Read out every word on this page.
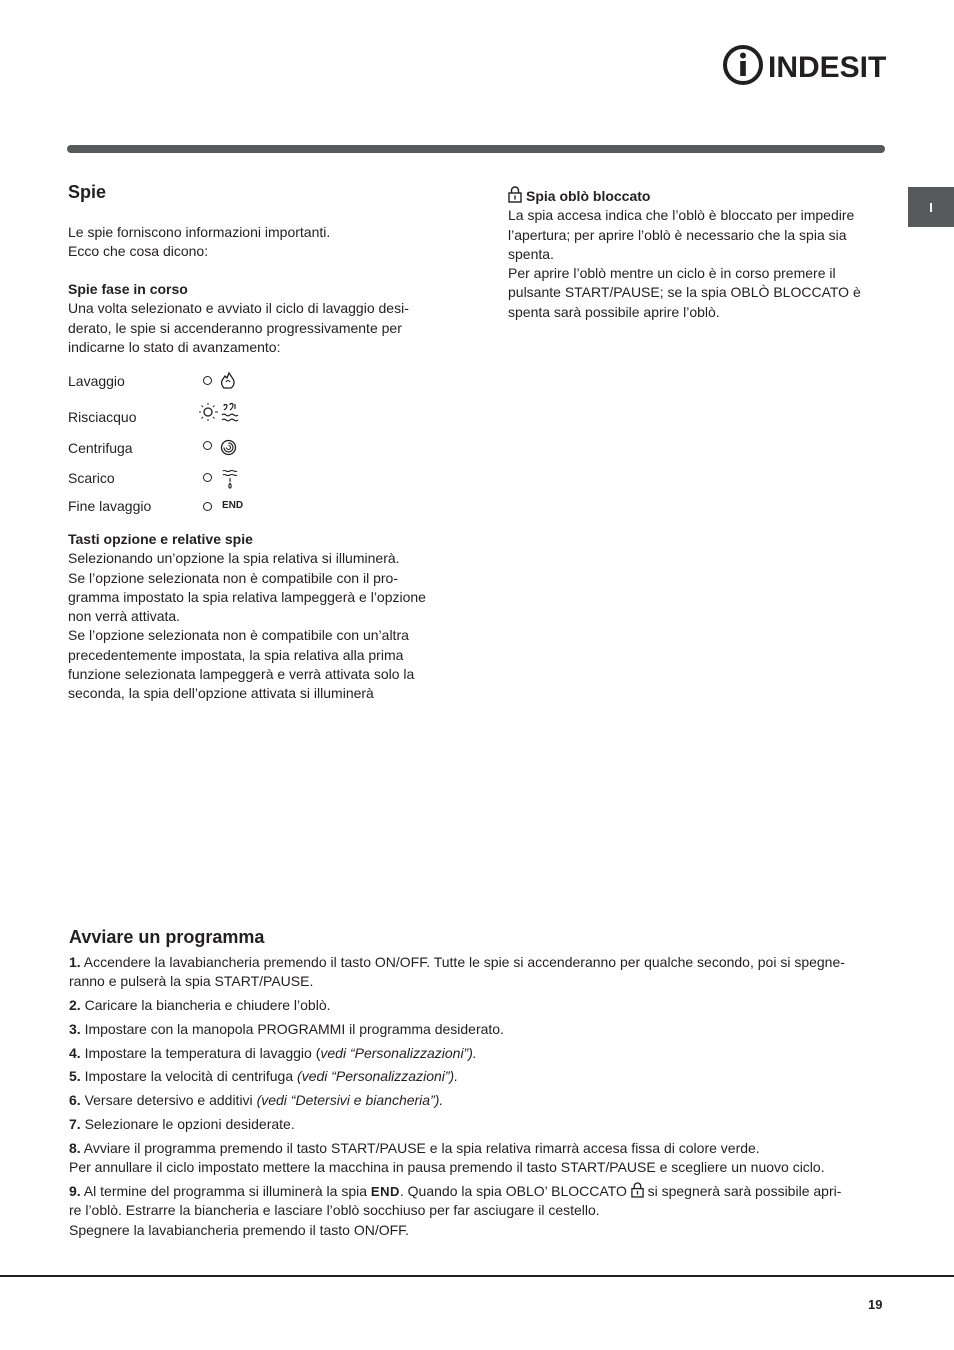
INDESIT
I
Spie
Le spie forniscono informazioni importanti.
Ecco che cosa dicono:
Spie fase in corso
Una volta selezionato e avviato il ciclo di lavaggio desi-
derato, le spie si accenderanno progressivamente per
indicarne lo stato di avanzamento:
Lavaggio
Risciacquo
Centrifuga
Scarico
Fine lavaggio	END
Tasti opzione e relative spie
Selezionando un’opzione la spia relativa si illuminerà.
Se l’opzione selezionata non è compatibile con il pro-
gramma impostato la spia relativa lampeggerà e l’opzione
non verrà attivata.
Se l’opzione selezionata non è compatibile con un’altra
precedentemente impostata, la spia relativa alla prima
funzione selezionata lampeggerà e verrà attivata solo la
seconda, la spia dell’opzione attivata si illuminerà
Spia oblò bloccato
La spia accesa indica che l’oblò è bloccato per impedire
l’apertura; per aprire l’oblò è necessario che la spia sia
spenta.
Per aprire l’oblò mentre un ciclo è in corso premere il
pulsante START/PAUSE; se la spia OBLÒ BLOCCATO è
spenta sarà possibile aprire l’oblò.
Avviare un programma

1. Accendere la lavabiancheria premendo il tasto ON/OFF. Tutte le spie si accenderanno per qualche secondo, poi si spegne-
ranno e pulserà la spia START/PAUSE.

2. Caricare la biancheria e chiudere l’oblò.

3. Impostare con la manopola PROGRAMMI il programma desiderato.

4. Impostare la temperatura di lavaggio (vedi “Personalizzazioni”).

5. Impostare la velocità di centrifuga (vedi “Personalizzazioni”).

6. Versare detersivo e additivi (vedi “Detersivi e biancheria”).

7. Selezionare le opzioni desiderate.

8. Avviare il programma premendo il tasto START/PAUSE e la spia relativa rimarrà accesa fissa di colore verde.
Per annullare il ciclo impostato mettere la macchina in pausa premendo il tasto START/PAUSE e scegliere un nuovo ciclo.

9. Al termine del programma si illuminerà la spia END. Quando la spia OBLO’ BLOCCATO  si spegnerà sarà possibile apri-
re l’oblò. Estrarre la biancheria e lasciare l’oblò socchiuso per far asciugare il cestello.
Spegnere la lavabiancheria premendo il tasto ON/OFF.

19
